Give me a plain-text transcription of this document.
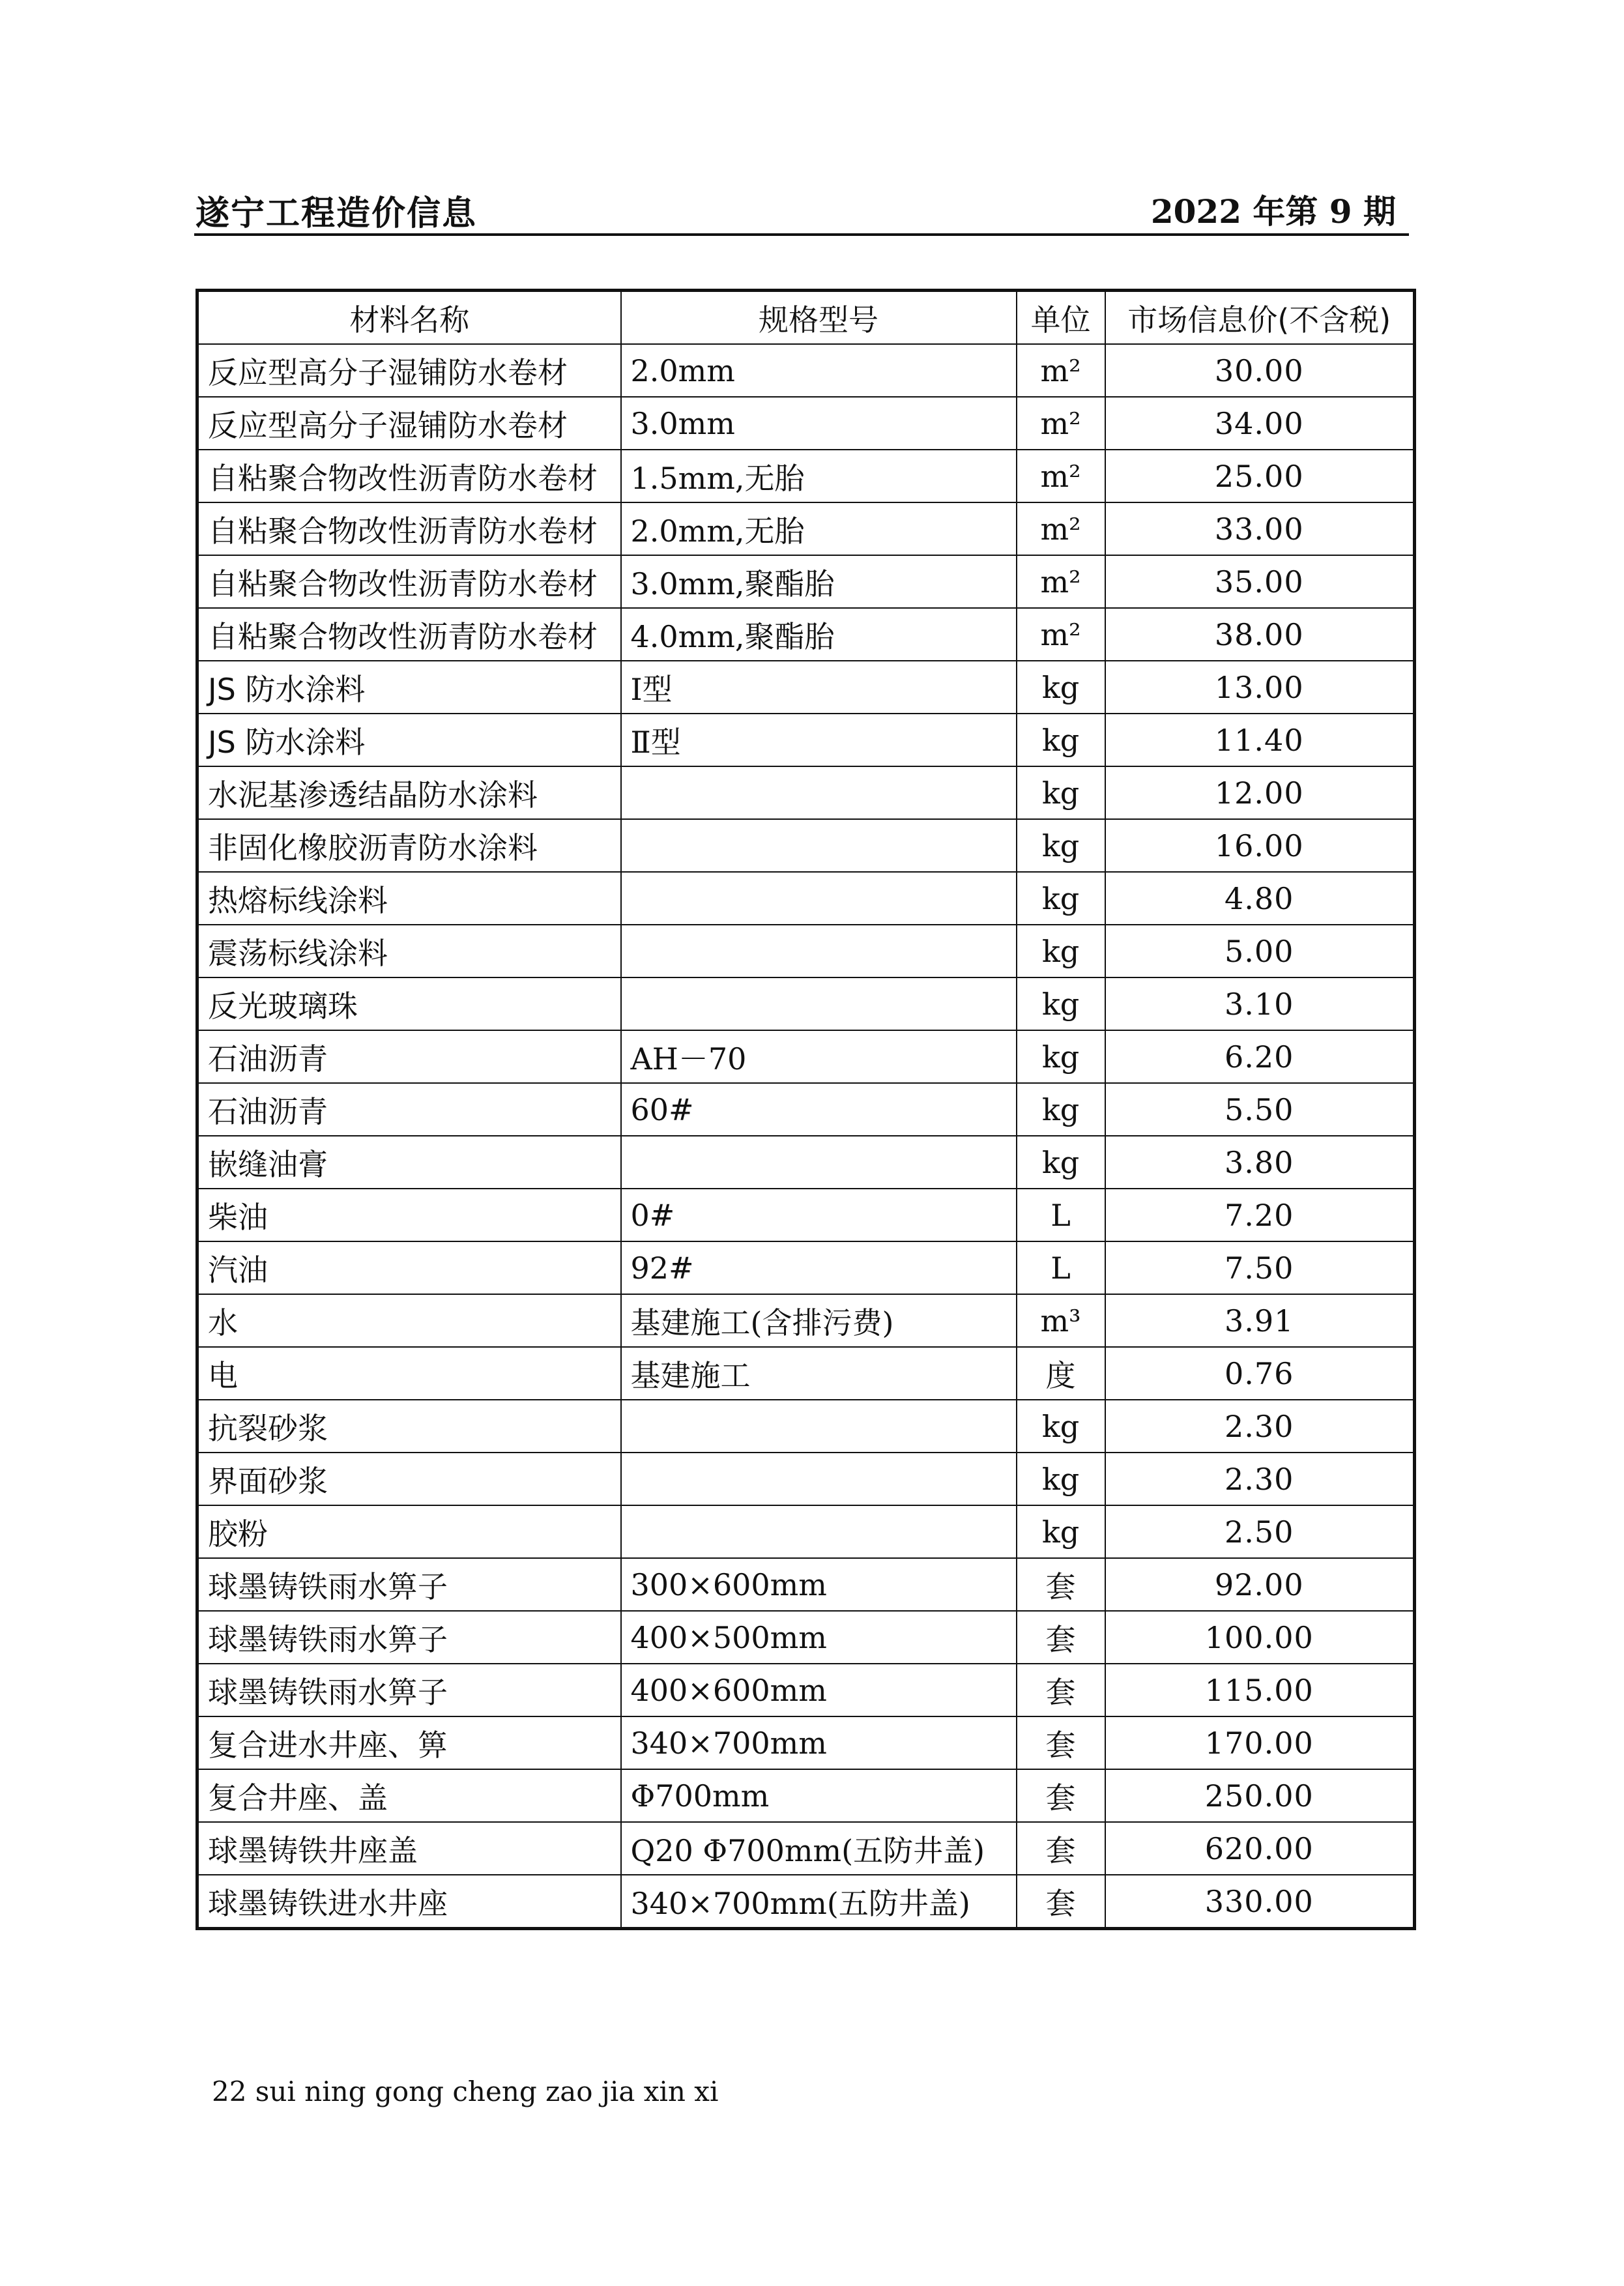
遂宁工程造价信息	2022 年第 9 期
材料名称	规格型号	单位	市场信息价(不含税)
反应型高分子湿铺防水卷材	2.0mm	m²	30.00
反应型高分子湿铺防水卷材	3.0mm	m²	34.00
自粘聚合物改性沥青防水卷材	1.5mm,无胎	m²	25.00
自粘聚合物改性沥青防水卷材	2.0mm,无胎	m²	33.00
自粘聚合物改性沥青防水卷材	3.0mm,聚酯胎	m²	35.00
自粘聚合物改性沥青防水卷材	4.0mm,聚酯胎	m²	38.00
JS 防水涂料	Ⅰ型	kg	13.00
JS 防水涂料	Ⅱ型	kg	11.40
水泥基渗透结晶防水涂料		kg	12.00
非固化橡胶沥青防水涂料		kg	16.00
热熔标线涂料		kg	4.80
震荡标线涂料		kg	5.00
反光玻璃珠		kg	3.10
石油沥青	AH－70	kg	6.20
石油沥青	60#	kg	5.50
嵌缝油膏		kg	3.80
柴油	0#	L	7.20
汽油	92#	L	7.50
水	基建施工(含排污费)	m³	3.91
电	基建施工	度	0.76
抗裂砂浆		kg	2.30
界面砂浆		kg	2.30
胶粉		kg	2.50
球墨铸铁雨水箅子	300×600mm	套	92.00
球墨铸铁雨水箅子	400×500mm	套	100.00
球墨铸铁雨水箅子	400×600mm	套	115.00
复合进水井座、箅	340×700mm	套	170.00
复合井座、盖	Φ700mm	套	250.00
球墨铸铁井座盖	Q20 Φ700mm(五防井盖)	套	620.00
球墨铸铁进水井座	340×700mm(五防井盖)	套	330.00
22 sui ning gong cheng zao jia xin xi
